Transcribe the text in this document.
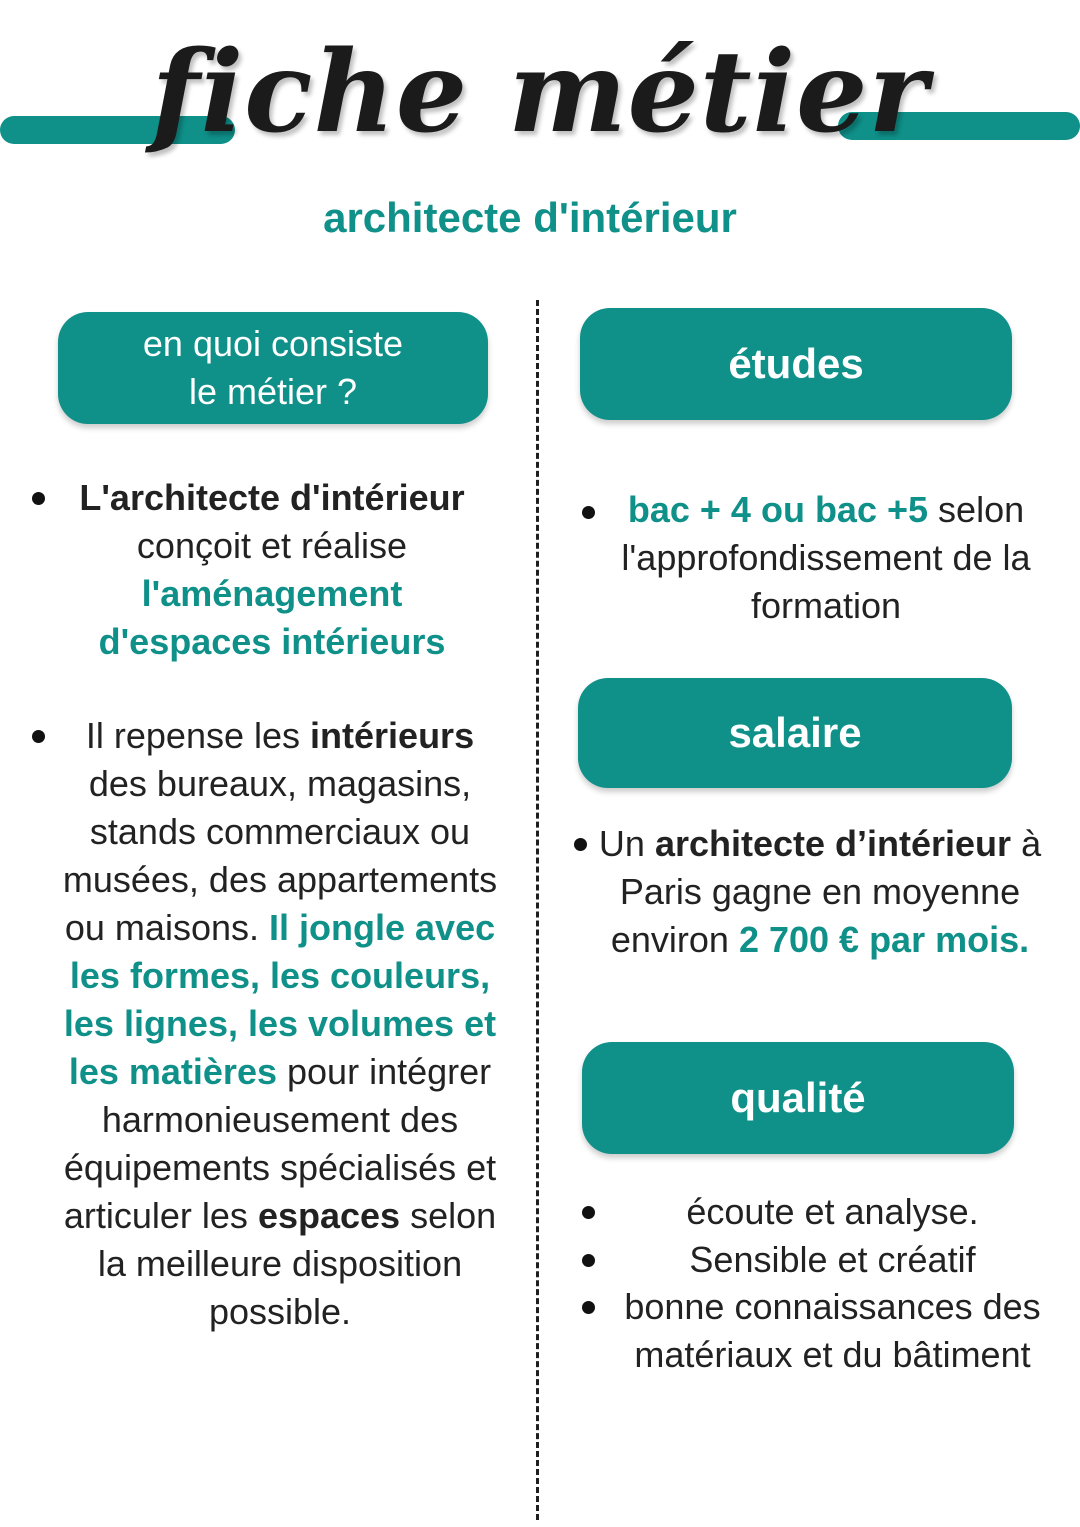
fiche métier
architecte d'intérieur
en quoi consiste
le métier ?

L'architecte d'intérieur conçoit et réalise l'aménagement d'espaces intérieurs

Il repense les intérieurs des bureaux, magasins, stands commerciaux ou musées, des appartements ou maisons. Il jongle avec les formes, les couleurs, les lignes, les volumes et les matières pour intégrer harmonieusement des équipements spécialisés et articuler les espaces selon la meilleure disposition possible.

études

bac + 4 ou bac +5 selon l'approfondissement de la formation

salaire

Un architecte d’intérieur à Paris gagne en moyenne environ 2 700 € par mois.

qualité

écoute et analyse.

Sensible et créatif

bonne connaissances des matériaux et du bâtiment
